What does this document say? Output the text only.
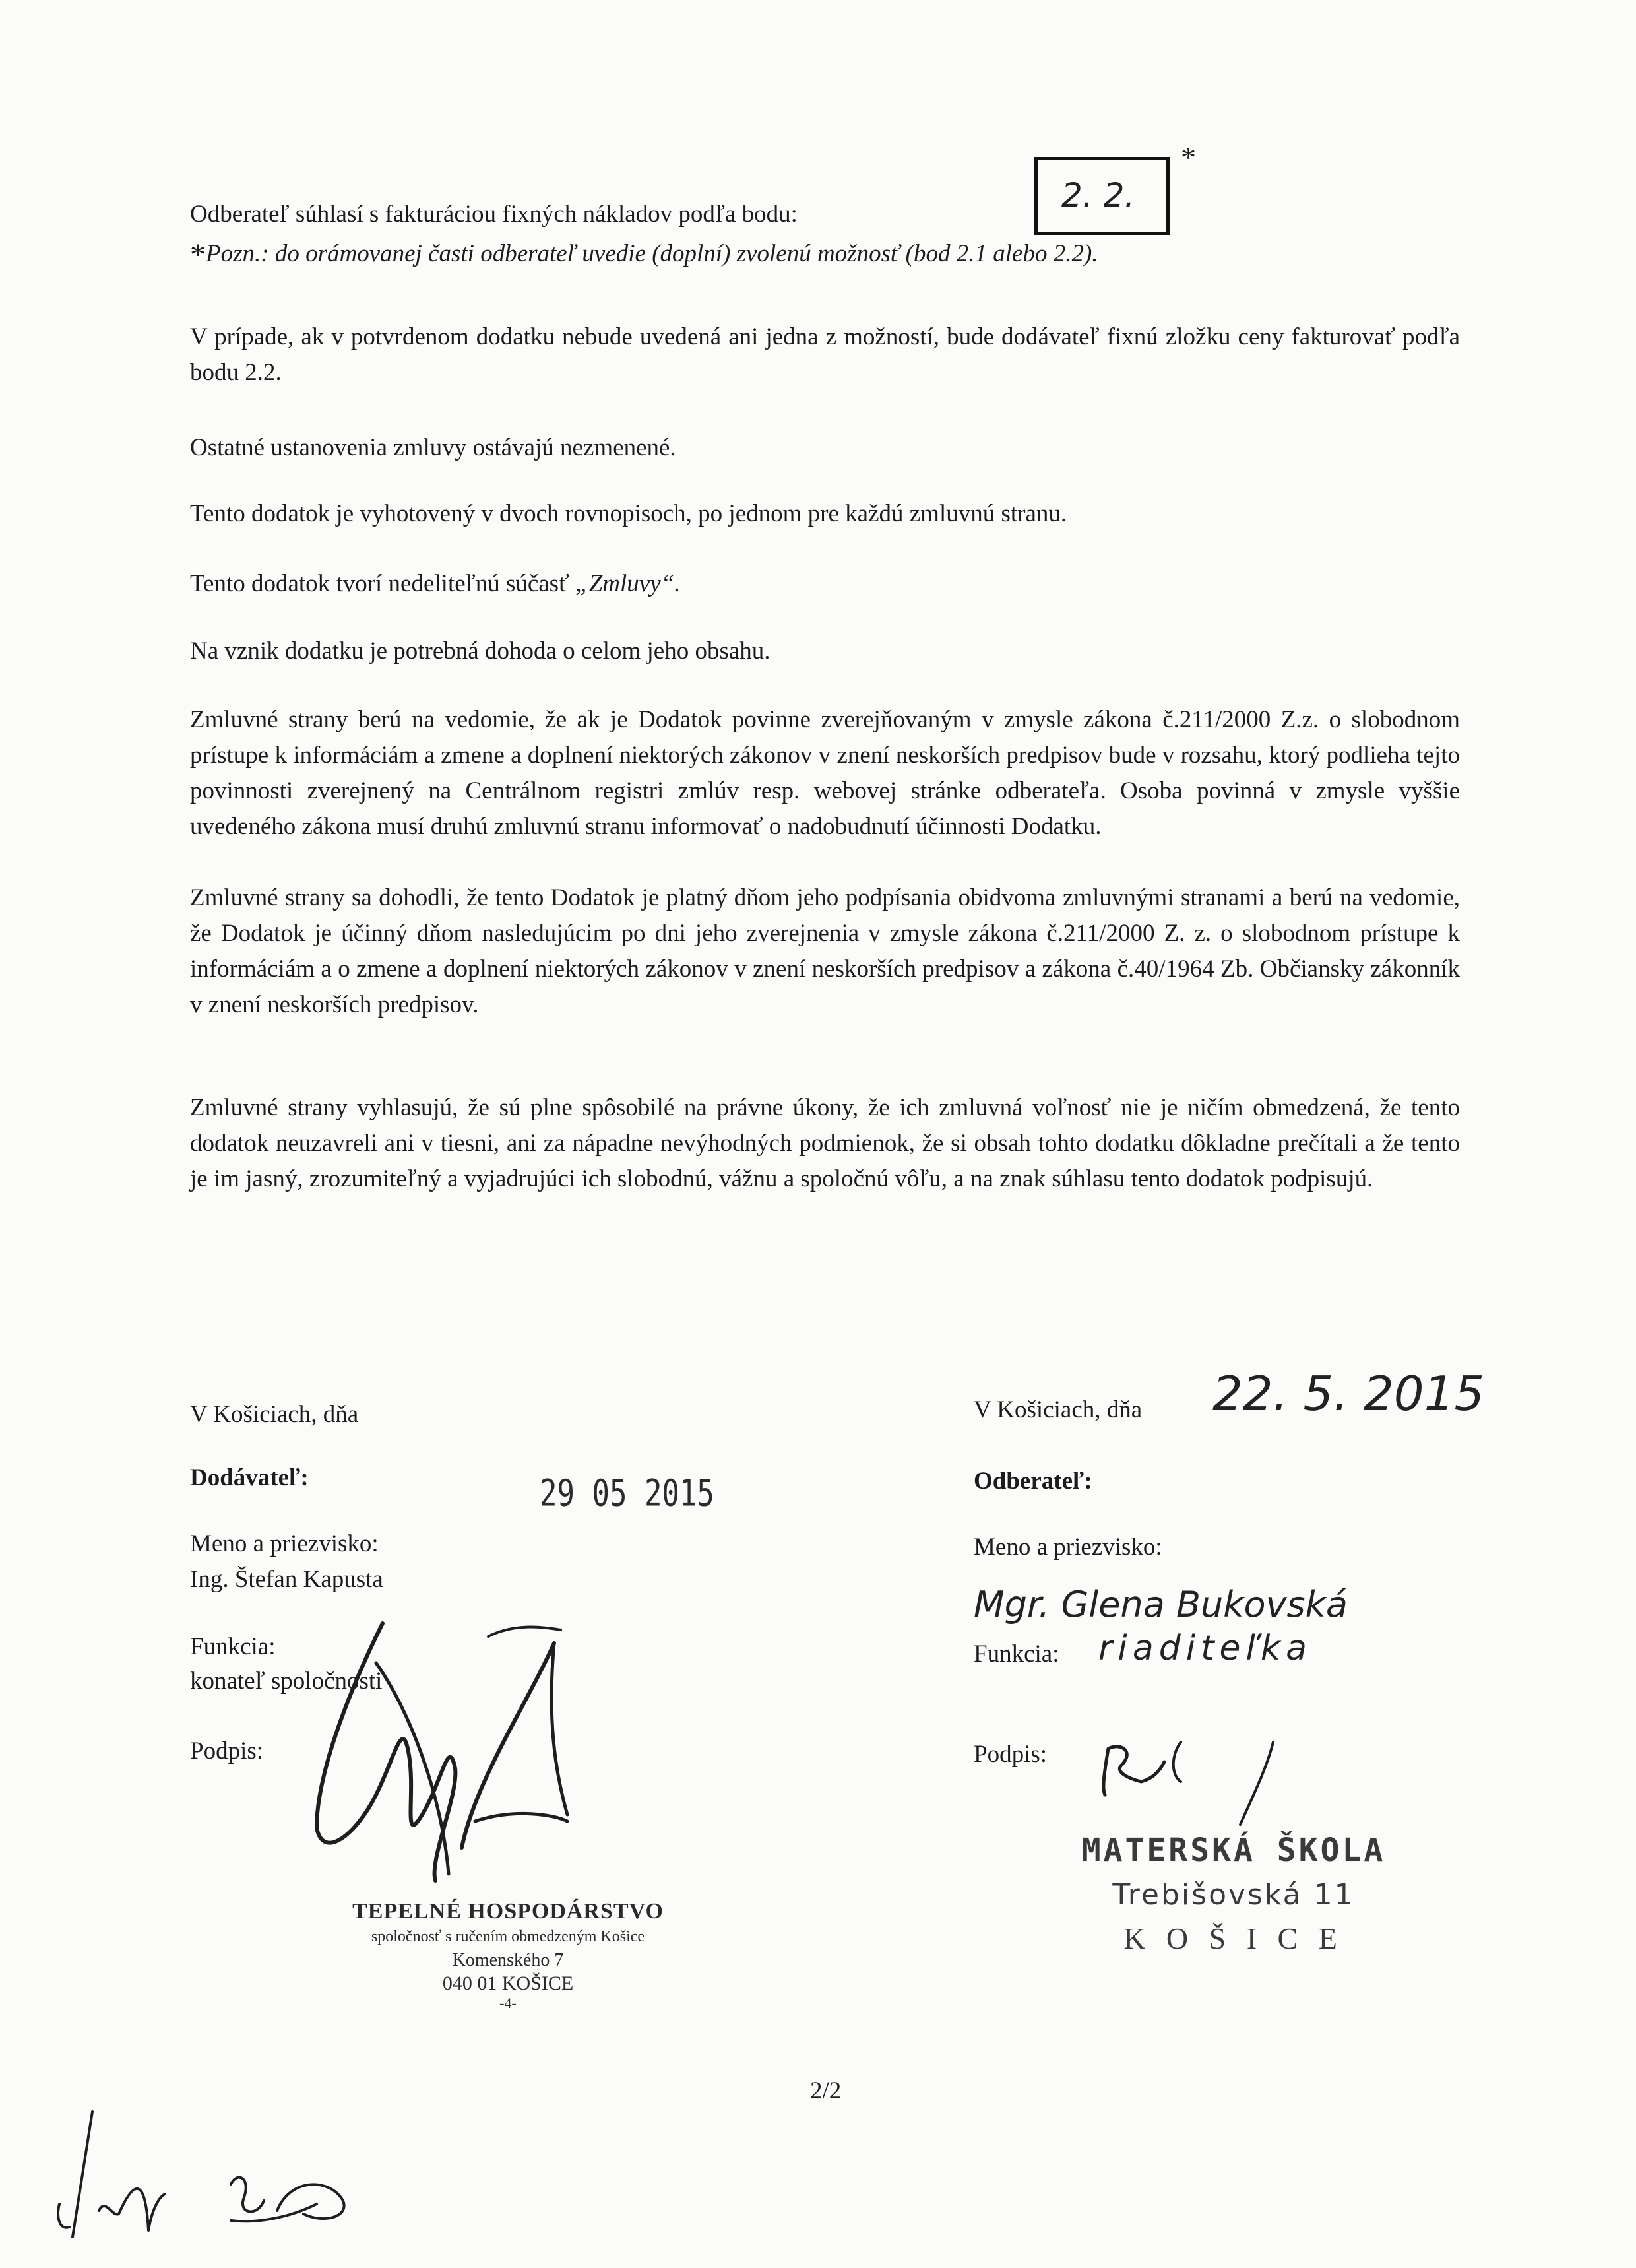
Odberateľ súhlasí s fakturáciou fixných nákladov podľa bodu:	2. 2.
*

*Pozn.: do orámovanej časti odberateľ uvedie (doplní) zvolenú možnosť (bod 2.1 alebo 2.2).

V prípade, ak v potvrdenom dodatku nebude uvedená ani jedna z možností, bude dodávateľ fixnú zložku ceny fakturovať podľa bodu 2.2.

Ostatné ustanovenia zmluvy ostávajú nezmenené.

Tento dodatok je vyhotovený v dvoch rovnopisoch, po jednom pre každú zmluvnú stranu.

Tento dodatok tvorí nedeliteľnú súčasť „Zmluvy“.

Na vznik dodatku je potrebná dohoda o celom jeho obsahu.

Zmluvné strany berú na vedomie, že ak je Dodatok povinne zverejňovaným v zmysle zákona č.211/2000 Z.z. o slobodnom prístupe k informáciám a zmene a doplnení niektorých zákonov v znení neskorších predpisov bude v rozsahu, ktorý podlieha tejto povinnosti zverejnený na Centrálnom registri zmlúv resp. webovej stránke odberateľa. Osoba povinná v zmysle vyššie uvedeného zákona musí druhú zmluvnú stranu informovať o nadobudnutí účinnosti Dodatku.

Zmluvné strany sa dohodli, že tento Dodatok je platný dňom jeho podpísania obidvoma zmluvnými stranami a berú na vedomie, že Dodatok je účinný dňom nasledujúcim po dni jeho zverejnenia v zmysle zákona č.211/2000 Z. z. o slobodnom prístupe k informáciám a o zmene a doplnení niektorých zákonov v znení neskorších predpisov a zákona č.40/1964 Zb. Občiansky zákonník v znení neskorších predpisov.

Zmluvné strany vyhlasujú, že sú plne spôsobilé na právne úkony, že ich zmluvná voľnosť nie je ničím obmedzená, že tento dodatok neuzavreli ani v tiesni, ani za nápadne nevýhodných podmienok, že si obsah tohto dodatku dôkladne prečítali a že tento je im jasný, zrozumiteľný a vyjadrujúci ich slobodnú, vážnu a spoločnú vôľu, a na znak súhlasu tento dodatok podpisujú.

V Košiciach, dňa
Dodávateľ:	29 05 2015
Meno a priezvisko:
Ing. Štefan Kapusta
Funkcia:
konateľ spoločnosti
Podpis:
TEPELNÉ HOSPODÁRSTVO
spoločnosť s ručením obmedzeným Košice
Komenského 7
040 01 KOŠICE
-4-
V Košiciach, dňa 22. 5. 2015
Odberateľ:
Meno a priezvisko:
Mgr. Glena Bukovská
Funkcia: riaditeľka
Podpis:
MATERSKÁ ŠKOLA
Trebišovská 11
K O Š I C E
2/2
